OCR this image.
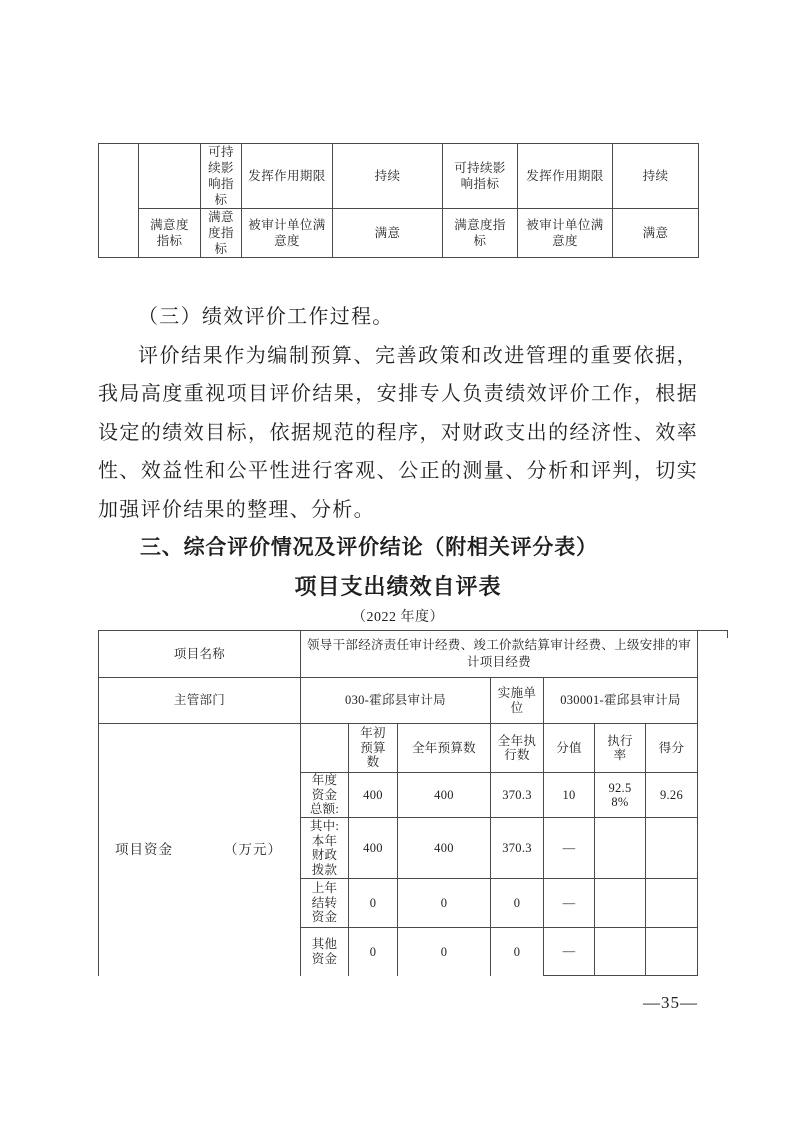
		可持续影响指标	发挥作用期限	持续	可持续影响指标	发挥作用期限	持续
	满意度指标	满意度指标	被审计单位满意度	满意	满意度指标	被审计单位满意度	满意

（三）绩效评价工作过程。

评价结果作为编制预算、完善政策和改进管理的重要依据，我局高度重视项目评价结果，安排专人负责绩效评价工作，根据设定的绩效目标，依据规范的程序，对财政支出的经济性、效率性、效益性和公平性进行客观、公正的测量、分析和评判，切实加强评价结果的整理、分析。

三、综合评价情况及评价结论（附相关评分表）

项目支出绩效自评表

（2022 年度）

项目名称	领导干部经济责任审计经费、竣工价款结算审计经费、上级安排的审计项目经费						
主管部门	030-霍邱县审计局			实施单位	030001-霍邱县审计局		

项目资金 （万元）		年初预算数	全年预算数	全年执行数	分值	执行率	得分
	年度资金总额:	400	400	370.3	10	92.58%	9.26
	其中:本年财政拨款	400	400	370.3	—		
	上年结转资金	0	0	0	—		
	其他资金	0	0	0	—		
—35—
